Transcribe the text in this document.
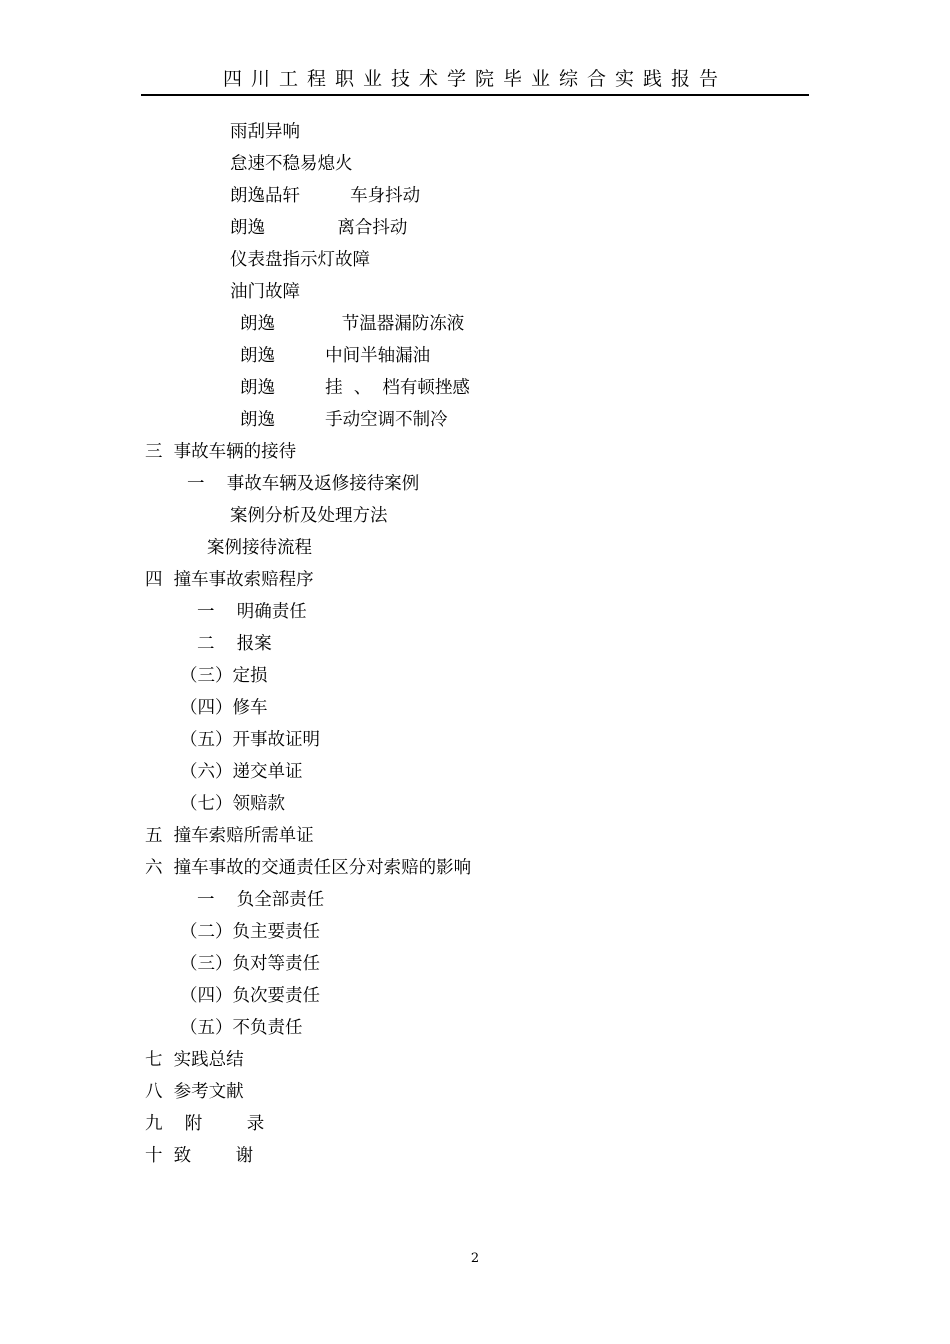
四川工程职业技术学院毕业综合实践报告
雨刮异响
怠速不稳易熄火
朗逸品轩         车身抖动
朗逸             离合抖动
仪表盘指示灯故障
油门故障
朗逸            节温器漏防冻液
朗逸         中间半轴漏油
朗逸         挂  、  档有顿挫感
朗逸         手动空调不制冷
三  事故车辆的接待
一    事故车辆及返修接待案例
案例分析及处理方法
案例接待流程
四  撞车事故索赔程序
一    明确责任
二    报案
（三）定损
（四）修车
（五）开事故证明
（六）递交单证
（七）领赔款
五  撞车索赔所需单证
六  撞车事故的交通责任区分对索赔的影响
一    负全部责任
（二）负主要责任
（三）负对等责任
（四）负次要责任
（五）不负责任
七  实践总结
八  参考文献
九    附        录
十  致        谢
2
